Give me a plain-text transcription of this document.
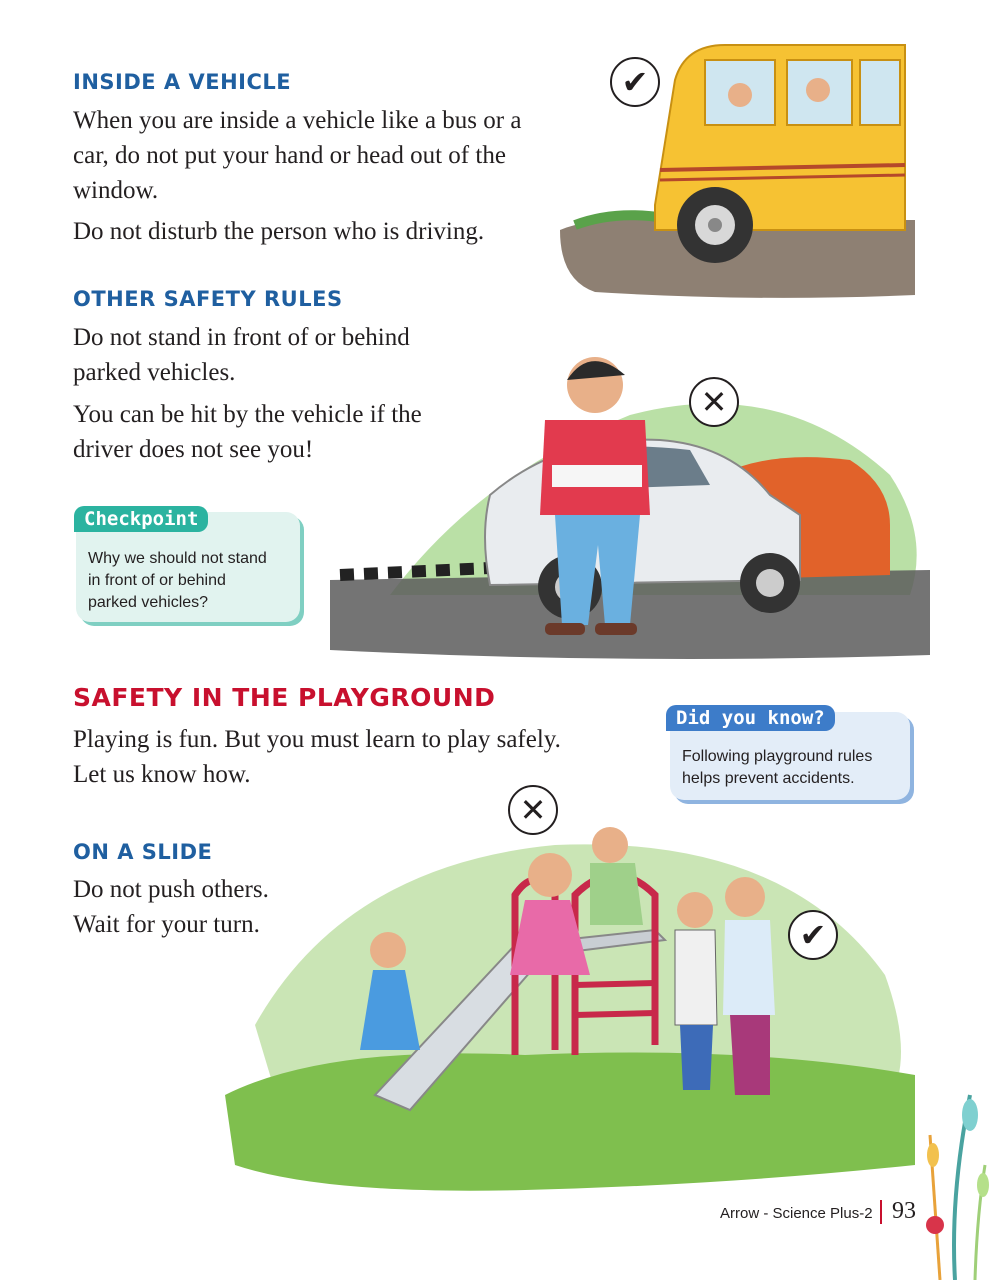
INSIDE A VEHICLE
When you are inside a vehicle like a bus or a
car, do not put your hand or head out of the
window.
Do not disturb the person who is driving.
✔
OTHER SAFETY RULES
Do not stand in front of or behind
parked vehicles.
You can be hit by the vehicle if the
driver does not see you!
✕
Why we should not stand
in front of or behind
parked vehicles?
Checkpoint
SAFETY IN THE PLAYGROUND
Playing is fun. But you must learn to play safely.
Let us know how.
Following playground rules
helps prevent accidents.
Did you know?
ON A SLIDE
Do not push others.
Wait for your turn.
✕
✔
Arrow - Science Plus-2 93
